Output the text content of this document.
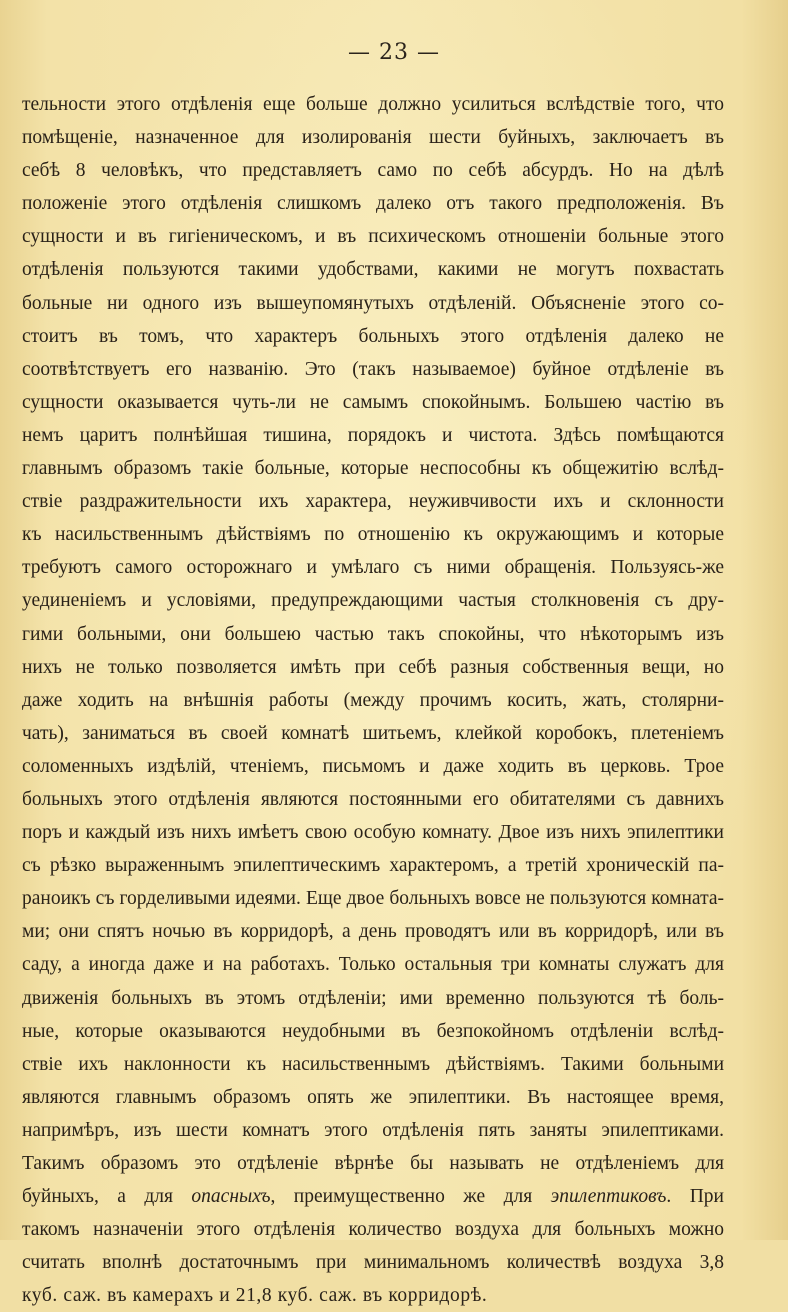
— 23 —
тельности этого отдѣленія еще больше должно усилиться вслѣдствіе того, что
помѣщеніе, назначенное для изолированія шести буйныхъ, заключаетъ въ
себѣ 8 человѣкъ, что представляетъ само по себѣ абсурдъ. Но на дѣлѣ
положеніе этого отдѣленія слишкомъ далеко отъ такого предположенія. Въ
сущности и въ гигіеническомъ, и въ психическомъ отношеніи больные этого
отдѣленія пользуются такими удобствами, какими не могутъ похвастать
больные ни одного изъ вышеупомянутыхъ отдѣленій. Объясненіе этого со-
стоитъ въ томъ, что характеръ больныхъ этого отдѣленія далеко не
соотвѣтствуетъ его названію. Это (такъ называемое) буйное отдѣленіе въ
сущности оказывается чуть-ли не самымъ спокойнымъ. Большею частію въ
немъ царитъ полнѣйшая тишина, порядокъ и чистота. Здѣсь помѣщаются
главнымъ образомъ такіе больные, которые неспособны къ общежитію вслѣд-
ствіе раздражительности ихъ характера, неуживчивости ихъ и склонности
къ насильственнымъ дѣйствіямъ по отношенію къ окружающимъ и которые
требуютъ самого осторожнаго и умѣлаго съ ними обращенія. Пользуясь-же
уединеніемъ и условіями, предупреждающими частыя столкновенія съ дру-
гими больными, они большею частью такъ спокойны, что нѣкоторымъ изъ
нихъ не только позволяется имѣть при себѣ разныя собственныя вещи, но
даже ходить на внѣшнія работы (между прочимъ косить, жать, столярни-
чать), заниматься въ своей комнатѣ шитьемъ, клейкой коробокъ, плетеніемъ
соломенныхъ издѣлій, чтеніемъ, письмомъ и даже ходить въ церковь. Трое
больныхъ этого отдѣленія являются постоянными его обитателями съ давнихъ
поръ и каждый изъ нихъ имѣетъ свою особую комнату. Двое изъ нихъ эпилептики
съ рѣзко выраженнымъ эпилептическимъ характеромъ, а третій хроническій па-
раноикъ съ горделивыми идеями. Еще двое больныхъ вовсе не пользуются комната-
ми; они спятъ ночью въ корридорѣ, а день проводятъ или въ корридорѣ, или въ
саду, а иногда даже и на работахъ. Только остальныя три комнаты служатъ для
движенія больныхъ въ этомъ отдѣленіи; ими временно пользуются тѣ боль-
ные, которые оказываются неудобными въ безпокойномъ отдѣленіи вслѣд-
ствіе ихъ наклонности къ насильственнымъ дѣйствіямъ. Такими больными
являются главнымъ образомъ опять же эпилептики. Въ настоящее время,
напримѣръ, изъ шести комнатъ этого отдѣленія пять заняты эпилептиками.
Такимъ образомъ это отдѣленіе вѣрнѣе бы называть не отдѣленіемъ для
буйныхъ, а для опасныхъ, преимущественно же для эпилептиковъ. При
такомъ назначеніи этого отдѣленія количество воздуха для больныхъ можно
считать вполнѣ достаточнымъ при минимальномъ количествѣ воздуха 3,8
куб. саж. въ камерахъ и 21,8 куб. саж. въ корридорѣ.
